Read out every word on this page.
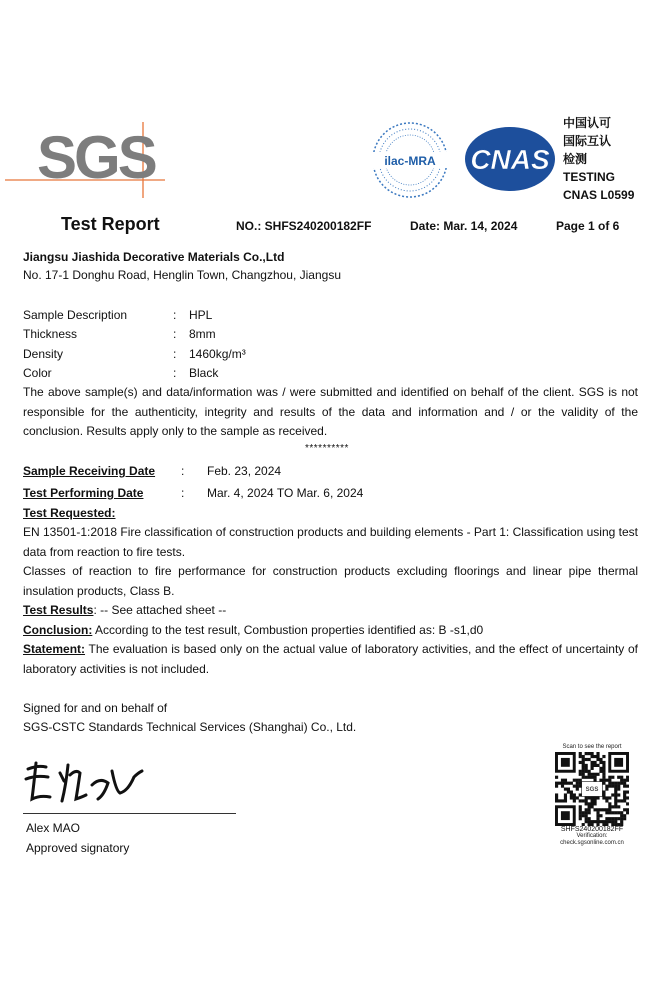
SGS	ilac-MRA CNAS
中国认可
国际互认
检测
TESTING
CNAS L0599
Test Report	NO.: SHFS240200182FF	Date: Mar. 14, 2024	Page 1 of 6
Jiangsu Jiashida Decorative Materials Co.,Ltd
No. 17-1 Donghu Road, Henglin Town, Changzhou, Jiangsu
Sample Description	: HPL
Thickness	: 8mm
Density	: 1460kg/m³
Color	: Black
The above sample(s) and data/information was / were submitted and identified on behalf of the client. SGS is not responsible for the authenticity, integrity and results of the data and information and / or the validity of the conclusion. Results apply only to the sample as received.
**********
Sample Receiving Date : Feb. 23, 2024
Test Performing Date	: Mar. 4, 2024 TO Mar. 6, 2024
Test Requested:
EN 13501-1:2018 Fire classification of construction products and building elements - Part 1: Classification using test data from reaction to fire tests.
Classes of reaction to fire performance for construction products excluding floorings and linear pipe thermal insulation products, Class B.
Test Results: -- See attached sheet --
Conclusion: According to the test result, Combustion properties identified as: B -s1,d0
Statement: The evaluation is based only on the actual value of laboratory activities, and the effect of uncertainty of laboratory activities is not included.
Signed for and on behalf of
SGS-CSTC Standards Technical Services (Shanghai) Co., Ltd.
Alex MAO
Approved signatory
Scan to see the report
SGS
SHFS240200182FF
Verification:
check.sgsonline.com.cn
